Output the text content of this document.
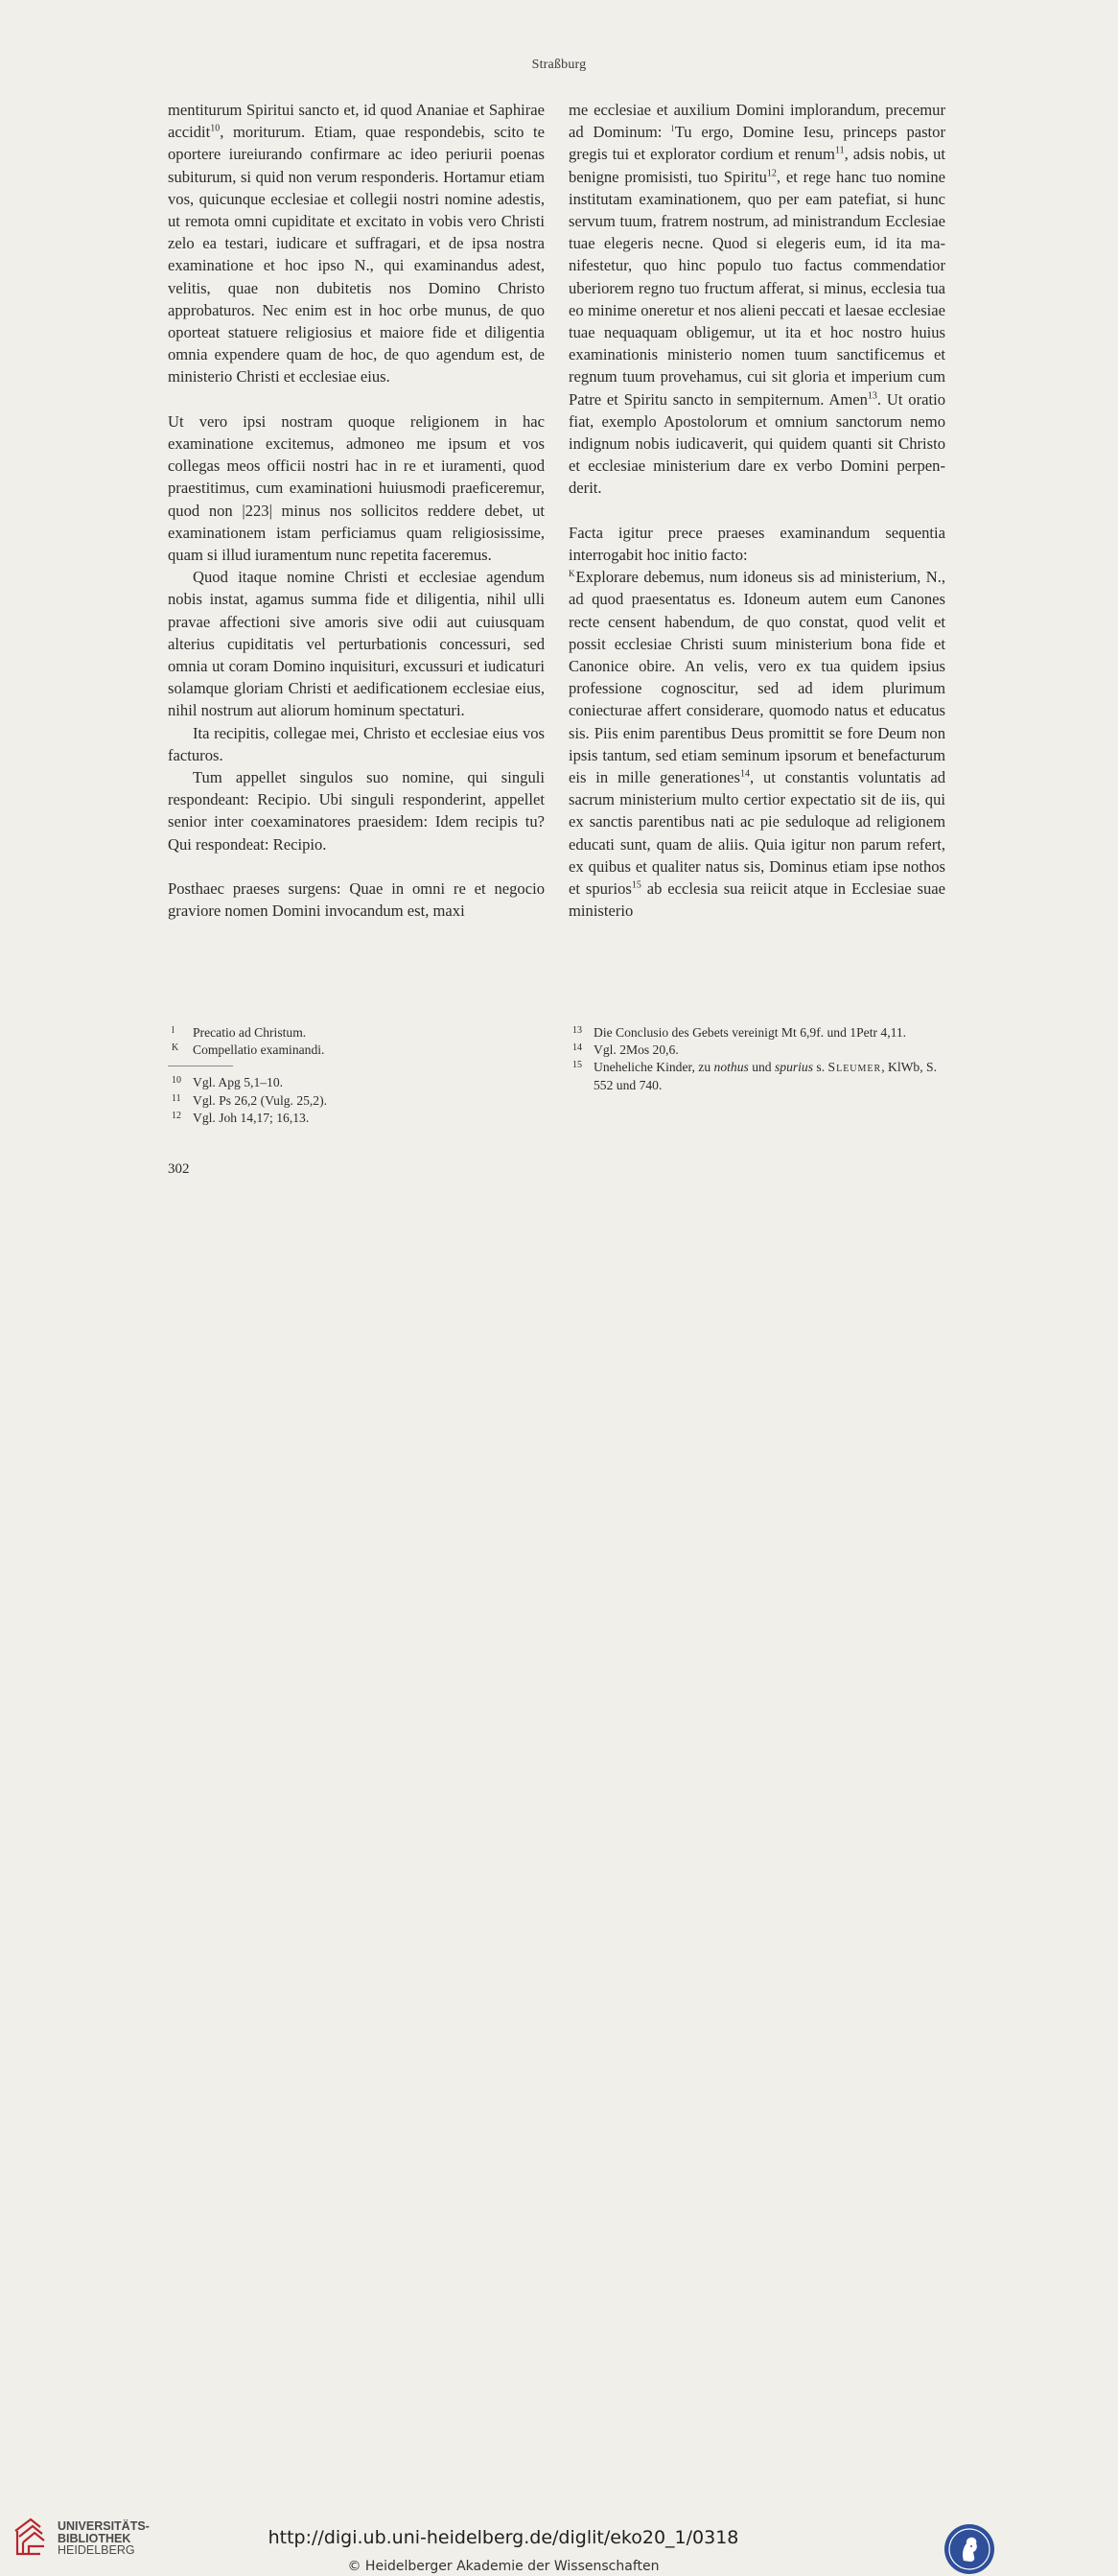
Straßburg

mentiturum Spiritui sancto et, id quod Ananiae et Saphirae accidit$^{10}$, moriturum. Etiam, quae respondebis, scito te oportere iureiurando confirmare ac ideo periurii poenas subiturum, si quid non verum responderis. Hortamur etiam vos, quicunque ecclesiae et collegii nostri nomine adestis, ut remota omni cupiditate et excitato in vobis vero Christi zelo ea testari, iudicare et suffragari, et de ipsa nostra examinatione et hoc ipso N., qui examinandus adest, velitis, quae non dubitetis nos Domino Christo approbaturos. Nec enim est in hoc orbe munus, de quo oporteat statuere religiosius et maiore fide et diligentia omnia expendere quam de hoc, de quo agendum est, de ministerio Christi et ecclesiae eius.

Ut vero ipsi nostram quoque religionem in hac examinatione excitemus, admoneo me ipsum et vos collegas meos officii nostri hac in re et iuramenti, quod praestitimus, cum examinationi huiusmodi praeficeremur, quod non |223| minus nos sollicitos reddere debet, ut examinationem istam perficiamus quam religiosissime, quam si illud iuramentum nunc repetita faceremus.

Quod itaque nomine Christi et ecclesiae agendum nobis instat, agamus summa fide et diligentia, nihil ulli pravae affectioni sive amoris sive odii aut cuiusquam alterius cupiditatis vel perturbationis concessuri, sed omnia ut coram Domino inquisituri, excussuri et iudicaturi solamque gloriam Christi et aedificationem ecclesiae eius, nihil nostrum aut aliorum hominum spectaturi.

Ita recipitis, collegae mei, Christo et ecclesiae eius vos facturos.

Tum appellet singulos suo nomine, qui singuli respondeant: Recipio. Ubi singuli responderint, appellet senior inter coexaminatores praesidem: Idem recipis tu? Qui respondeat: Recipio.

Posthaec praeses surgens: Quae in omni re et negocio graviore nomen Domini invocandum est, maxi

me ecclesiae et auxilium Domini implorandum, precemur ad Dominum: $^l$Tu ergo, Domine Iesu, princeps pastor gregis tui et explorator cordium et renum$^{11}$, adsis nobis, ut benigne promisisti, tuo Spiritu$^{12}$, et rege hanc tuo nomine institutam examinationem, quo per eam patefiat, si hunc servum tuum, fratrem nostrum, ad ministrandum Ecclesiae tuae elegeris necne. Quod si elegeris eum, id ita manifestetur, quo hinc populo tuo factus commendatior uberiorem regno tuo fructum afferat, si minus, ecclesia tua eo minime oneretur et nos alieni peccati et laesae ecclesiae tuae nequaquam obligemur, ut ita et hoc nostro huius examinationis ministerio nomen tuum sanctificemus et regnum tuum provehamus, cui sit gloria et imperium cum Patre et Spiritu sancto in sempiternum. Amen$^{13}$. Ut oratio fiat, exemplo Apostolorum et omnium sanctorum nemo indignum nobis iudicaverit, qui quidem quanti sit Christo et ecclesiae ministerium dare ex verbo Domini perpenderit.

Facta igitur prece praeses examinandum sequentia interrogabit hoc initio facto:

$^K$Explorare debemus, num idoneus sis ad ministerium, N., ad quod praesentatus es. Idoneum autem eum Canones recte censent habendum, de quo constat, quod velit et possit ecclesiae Christi suum ministerium bona fide et Canonice obire. An velis, vero ex tua quidem ipsius professione cognoscitur, sed ad idem plurimum coniecturae affert considerare, quomodo natus et educatus sis. Piis enim parentibus Deus promittit se fore Deum non ipsis tantum, sed etiam seminum ipsorum et benefacturum eis in mille generationes$^{14}$, ut constantis voluntatis ad sacrum ministerium multo certior expectatio sit de iis, qui ex sanctis parentibus nati ac pie seduloque ad religionem educati sunt, quam de aliis. Quia igitur non parum refert, ex quibus et qualiter natus sis, Dominus etiam ipse nothos et spurios$^{15}$ ab ecclesia sua reiicit atque in Ecclesiae suae ministerio

l	Precatio ad Christum.
K	Compellatio examinandi.
10 Vgl. Apg 5,1–10.
11 Vgl. Ps 26,2 (Vulg. 25,2).
12 Vgl. Joh 14,17; 16,13.
13 Die Conclusio des Gebets vereinigt Mt 6,9f. und 1Petr 4,11.
14 Vgl. 2Mos 20,6.
15 Uneheliche Kinder, zu nothus und spurius s. Sleumer, KlWb, S. 552 und 740.
302
UNIVERSITÄTS-
BIBLIOTHEK
HEIDELBERG
http://digi.ub.uni-heidelberg.de/diglit/eko20_1/0318
© Heidelberger Akademie der Wissenschaften
